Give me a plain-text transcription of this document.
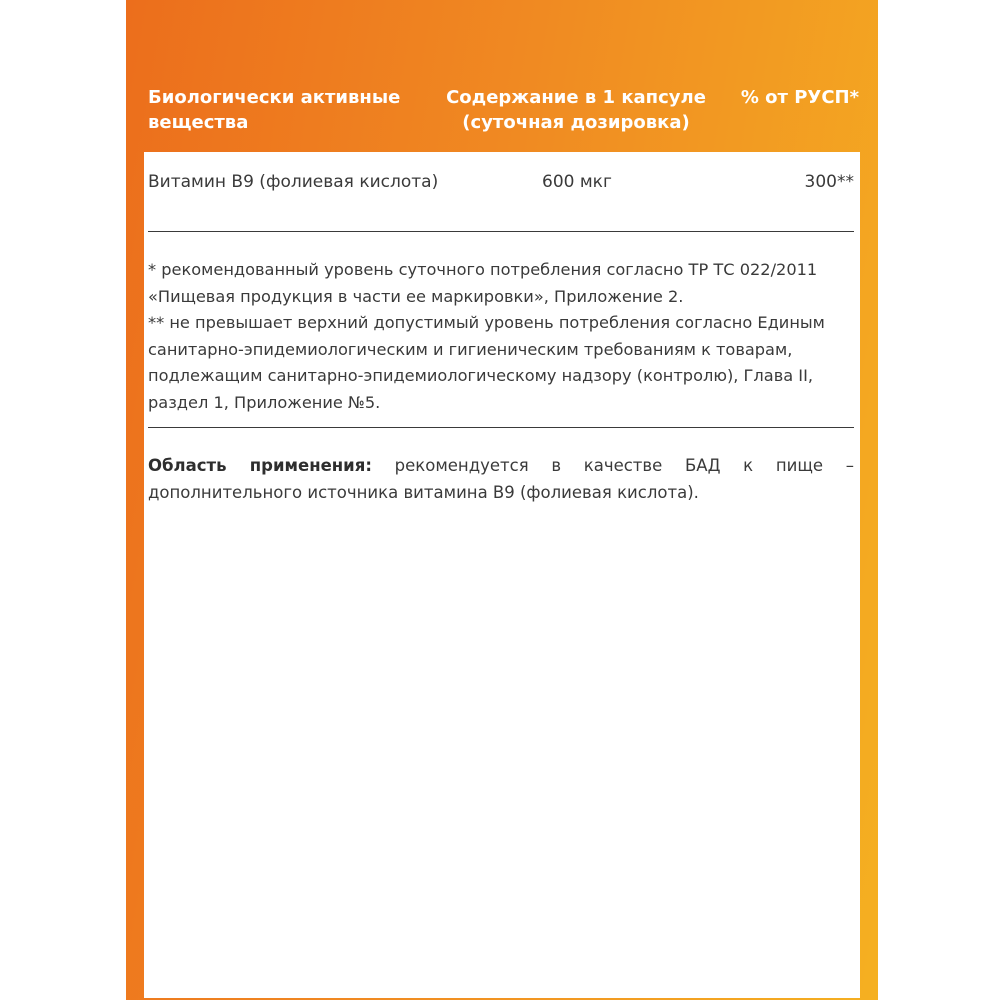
Биологически активные вещества
Содержание в 1 капсуле (суточная дозировка)
% от РУСП*
Витамин B9 (фолиевая кислота)	600 мкг	300**

* рекомендованный уровень суточного потребления согласно ТР ТС 022/2011 «Пищевая продукция в части ее маркировки», Приложение 2.

** не превышает верхний допустимый уровень потребления согласно Единым санитарно-эпидемиологическим и гигиеническим требованиям к товарам, подлежащим санитарно-эпидемиологическому надзору (контролю), Глава II, раздел 1, Приложение №5.

Область применения: рекомендуется в качестве БАД к пище – дополнительного источника витамина B9 (фолиевая кислота).
